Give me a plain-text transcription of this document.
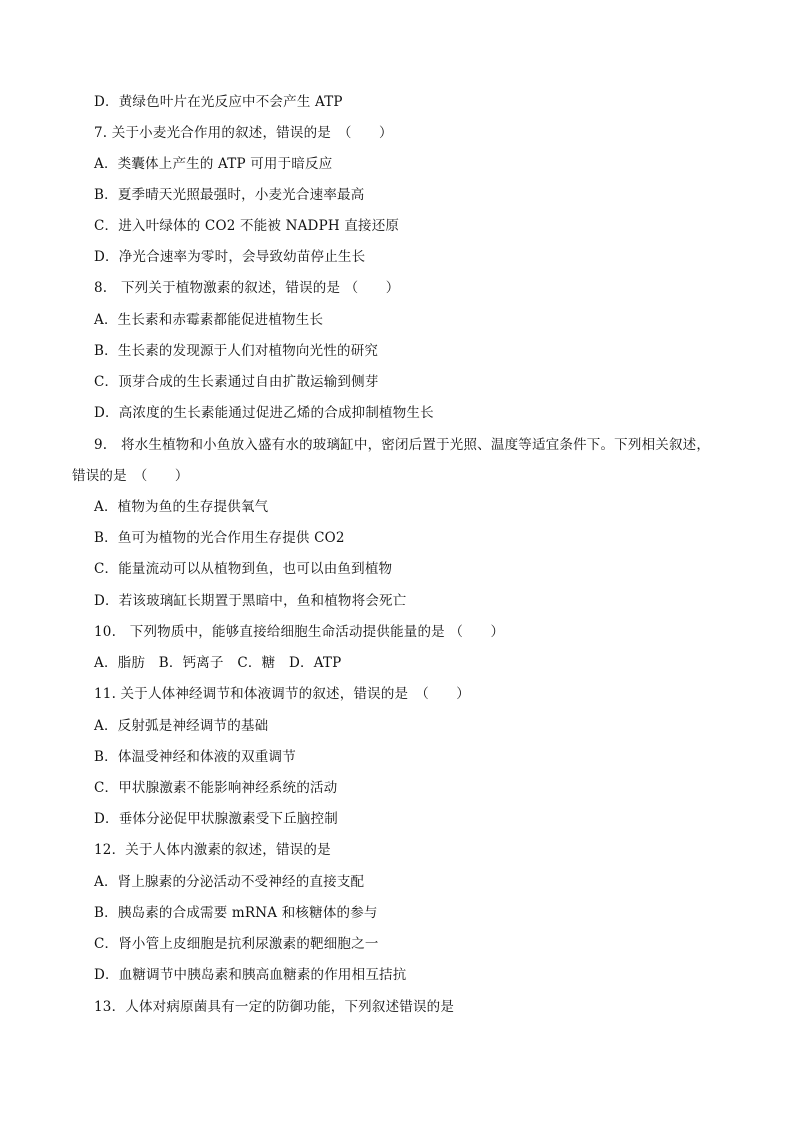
D．黄绿色叶片在光反应中不会产生 ATP
7. 关于小麦光合作用的叙述，错误的是　（　　）
A．类囊体上产生的 ATP 可用于暗反应
B．夏季晴天光照最强时，小麦光合速率最高
C．进入叶绿体的 CO2 不能被 NADPH 直接还原
D．净光合速率为零时，会导致幼苗停止生长
8.　下列关于植物激素的叙述，错误的是 （　　）
A．生长素和赤霉素都能促进植物生长
B．生长素的发现源于人们对植物向光性的研究
C．顶芽合成的生长素通过自由扩散运输到侧芽
D．高浓度的生长素能通过促进乙烯的合成抑制植物生长
9.　将水生植物和小鱼放入盛有水的玻璃缸中，密闭后置于光照、温度等适宜条件下。下列相关叙述，
错误的是　（　　）
A．植物为鱼的生存提供氧气
B．鱼可为植物的光合作用生存提供 CO2
C．能量流动可以从植物到鱼，也可以由鱼到植物
D．若该玻璃缸长期置于黑暗中，鱼和植物将会死亡
10.　下列物质中，能够直接给细胞生命活动提供能量的是 （　　）
A．脂肪　B．钙离子　C．糖　D．ATP
11. 关于人体神经调节和体液调节的叙述，错误的是　（　　）
A．反射弧是神经调节的基础
B．体温受神经和体液的双重调节
C．甲状腺激素不能影响神经系统的活动
D．垂体分泌促甲状腺激素受下丘脑控制
12．关于人体内激素的叙述，错误的是
A．肾上腺素的分泌活动不受神经的直接支配
B．胰岛素的合成需要 mRNA 和核糖体的参与
C．肾小管上皮细胞是抗利尿激素的靶细胞之一
D．血糖调节中胰岛素和胰高血糖素的作用相互拮抗
13．人体对病原菌具有一定的防御功能，下列叙述错误的是
